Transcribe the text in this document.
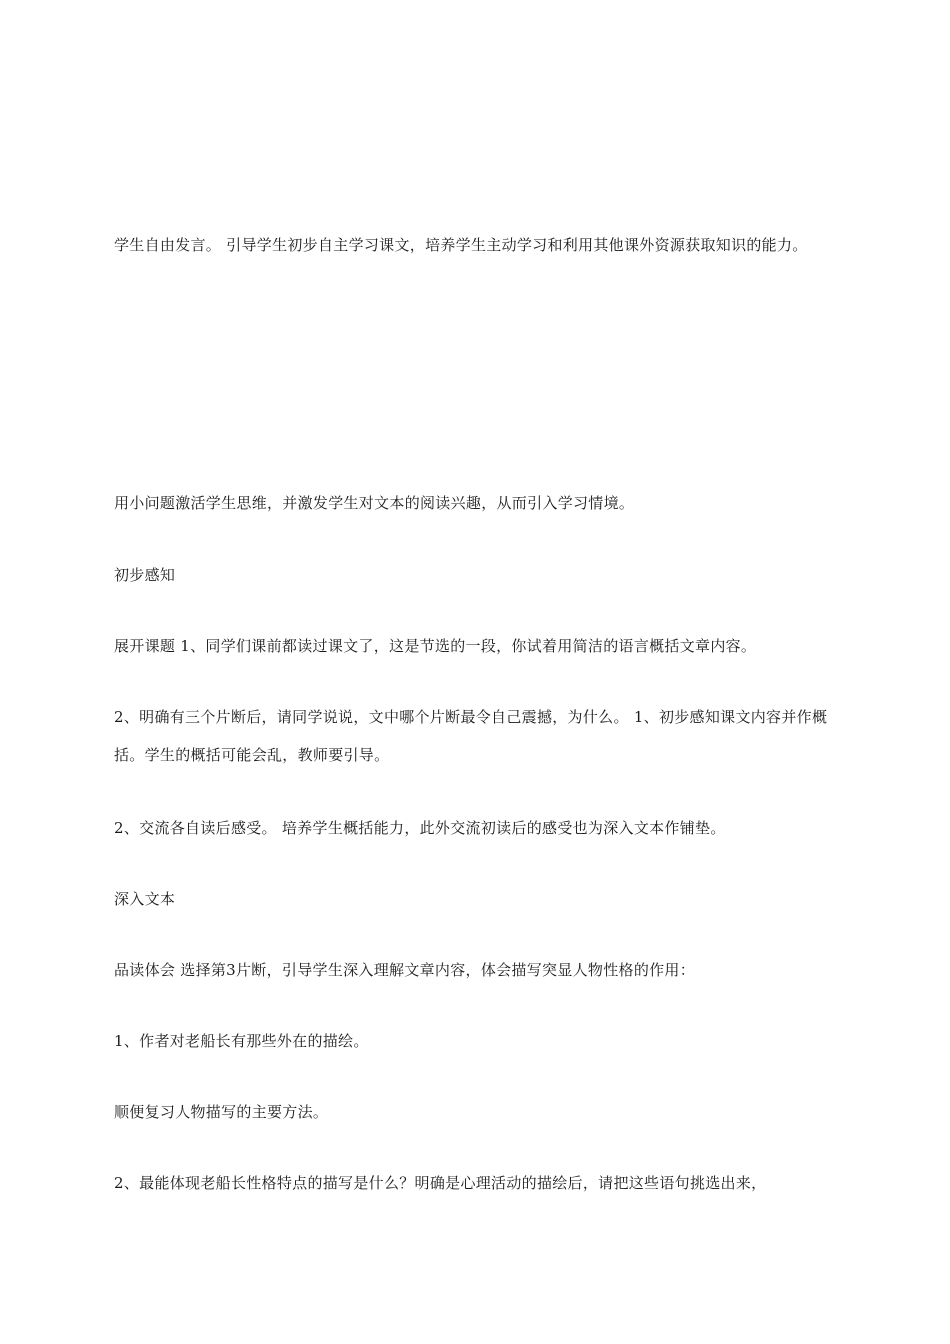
学生自由发言。 引导学生初步自主学习课文，培养学生主动学习和利用其他课外资源获取知识的能力。

用小问题激活学生思维，并激发学生对文本的阅读兴趣，从而引入学习情境。

初步感知

展开课题 1、同学们课前都读过课文了，这是节选的一段，你试着用简洁的语言概括文章内容。

2、明确有三个片断后，请同学说说，文中哪个片断最令自己震撼，为什么。 1、初步感知课文内容并作概括。学生的概括可能会乱，教师要引导。

2、交流各自读后感受。 培养学生概括能力，此外交流初读后的感受也为深入文本作铺垫。

深入文本

品读体会 选择第3片断，引导学生深入理解文章内容，体会描写突显人物性格的作用：

1、作者对老船长有那些外在的描绘。

顺便复习人物描写的主要方法。

2、最能体现老船长性格特点的描写是什么？明确是心理活动的描绘后，请把这些语句挑选出来，
